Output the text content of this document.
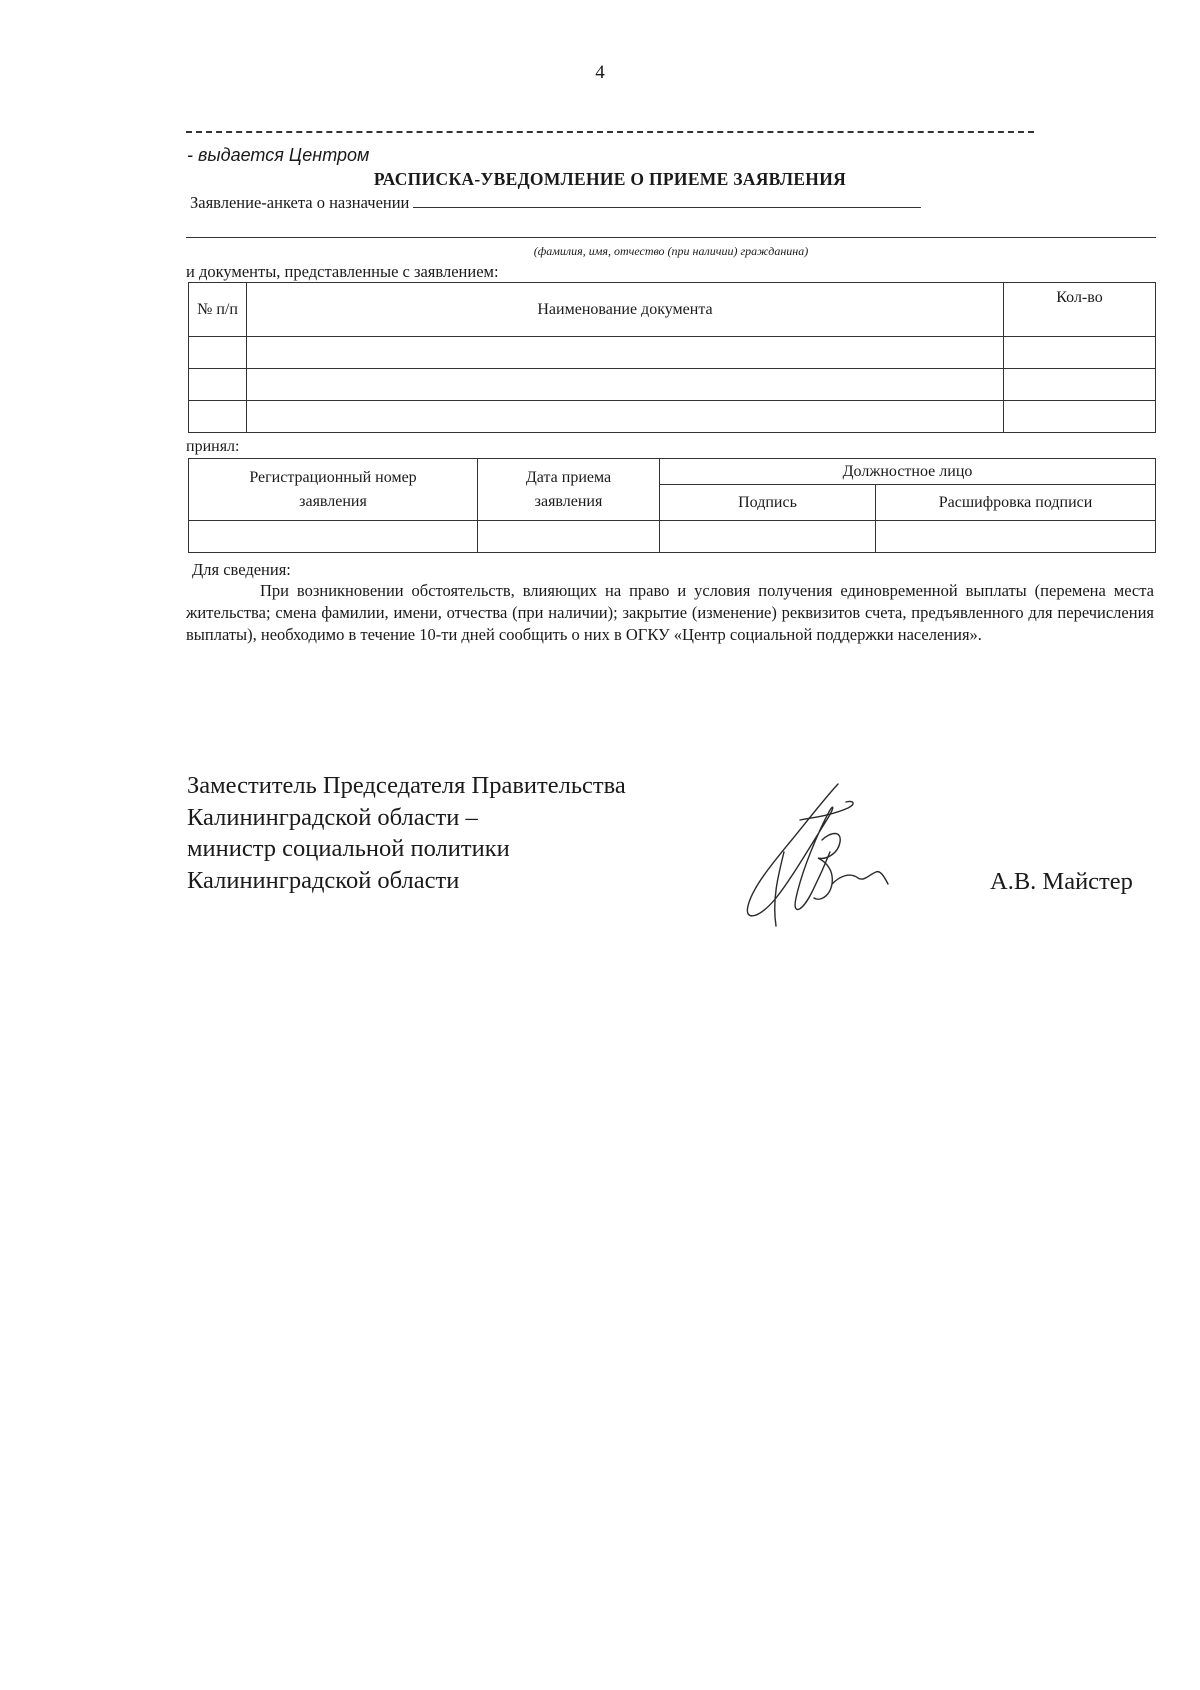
4
- выдается Центром
РАСПИСКА-УВЕДОМЛЕНИЕ О ПРИЕМЕ ЗАЯВЛЕНИЯ
Заявление-анкета о назначении
(фамилия, имя, отчество (при наличии) гражданина)
и документы, представленные с заявлением:
№ п/п	Наименование документа	Кол-во

принял:
Регистрационный номер заявления	Дата приема заявления	Должностное лицо	
		Подпись	Расшифровка подписи

Для сведения:
При возникновении обстоятельств, влияющих на право и условия получения единовременной выплаты (перемена места жительства; смена фамилии, имени, отчества (при наличии); закрытие (изменение) реквизитов счета, предъявленного для перечисления выплаты), необходимо в течение 10-ти дней сообщить о них в ОГКУ «Центр социальной поддержки населения».
Заместитель Председателя Правительства
Калининградской области –
министр социальной политики
Калининградской области	А.В. Майстер
